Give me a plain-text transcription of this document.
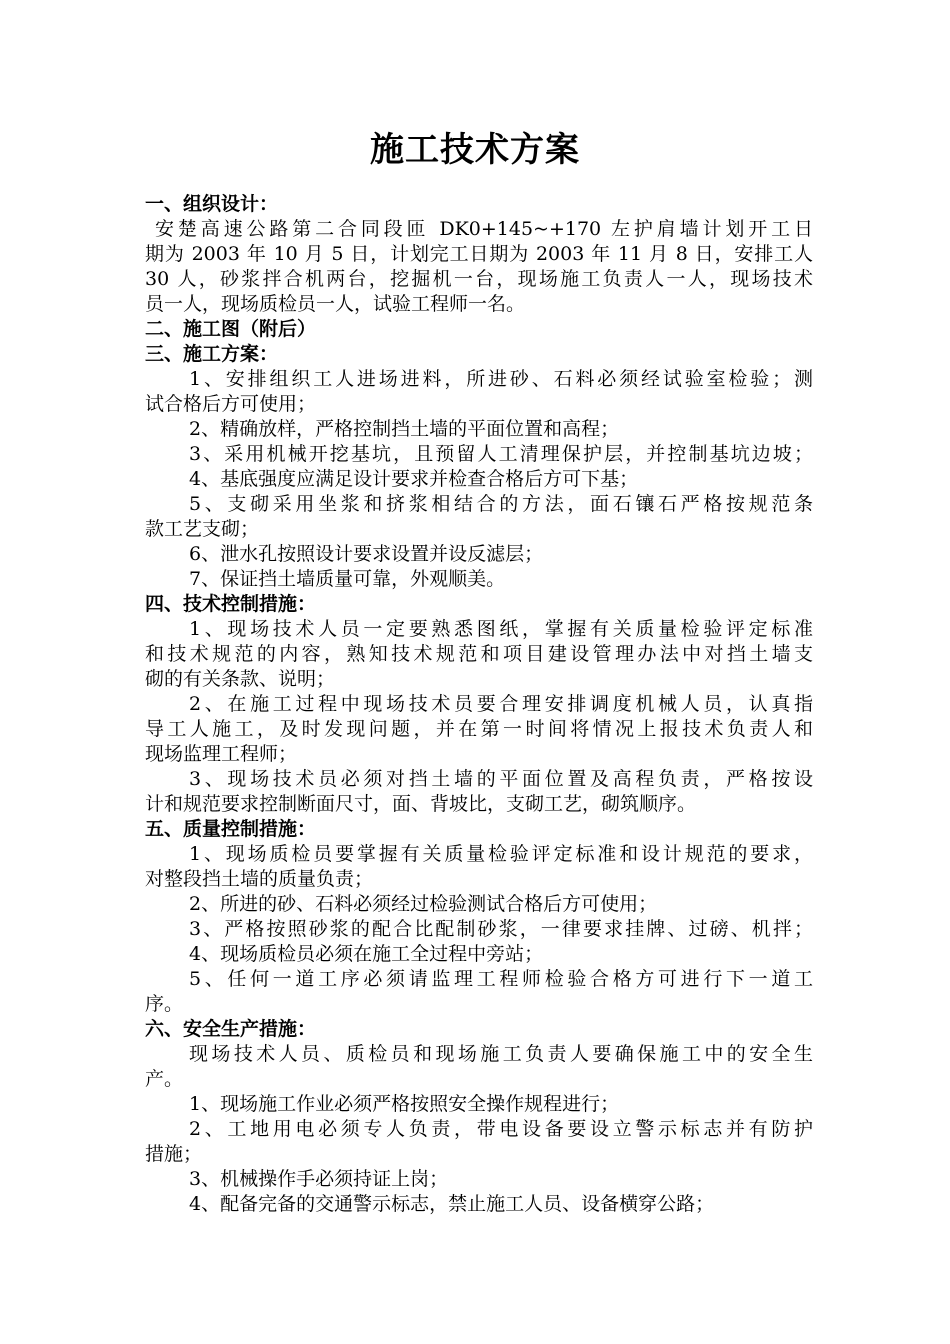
施工技术方案
一、组织设计：
安楚高速公路第二合同段匝 DK0+145~+170 左护肩墙计划开工日
期为 2003 年 10 月 5 日，计划完工日期为 2003 年 11 月 8 日，安排工人
30 人，砂浆拌合机两台，挖掘机一台，现场施工负责人一人，现场技术
员一人，现场质检员一人，试验工程师一名。
二、施工图（附后）
三、施工方案：
1、安排组织工人进场进料，所进砂、石料必须经试验室检验；测
试合格后方可使用；
2、精确放样，严格控制挡土墙的平面位置和高程；
3、采用机械开挖基坑，且预留人工清理保护层，并控制基坑边坡；
4、基底强度应满足设计要求并检查合格后方可下基；
5、支砌采用坐浆和挤浆相结合的方法，面石镶石严格按规范条
款工艺支砌；
6、泄水孔按照设计要求设置并设反滤层；
7、保证挡土墙质量可靠，外观顺美。
四、技术控制措施：
1、现场技术人员一定要熟悉图纸，掌握有关质量检验评定标准
和技术规范的内容，熟知技术规范和项目建设管理办法中对挡土墙支
砌的有关条款、说明；
2、在施工过程中现场技术员要合理安排调度机械人员，认真指
导工人施工，及时发现问题，并在第一时间将情况上报技术负责人和
现场监理工程师；
3、现场技术员必须对挡土墙的平面位置及高程负责，严格按设
计和规范要求控制断面尺寸，面、背坡比，支砌工艺，砌筑顺序。
五、质量控制措施：
1、现场质检员要掌握有关质量检验评定标准和设计规范的要求，
对整段挡土墙的质量负责；
2、所进的砂、石料必须经过检验测试合格后方可使用；
3、严格按照砂浆的配合比配制砂浆，一律要求挂牌、过磅、机拌；
4、现场质检员必须在施工全过程中旁站；
5、任何一道工序必须请监理工程师检验合格方可进行下一道工
序。
六、安全生产措施：
现场技术人员、质检员和现场施工负责人要确保施工中的安全生
产。
1、现场施工作业必须严格按照安全操作规程进行；
2、工地用电必须专人负责，带电设备要设立警示标志并有防护
措施；
3、机械操作手必须持证上岗；
4、配备完备的交通警示标志，禁止施工人员、设备横穿公路；
